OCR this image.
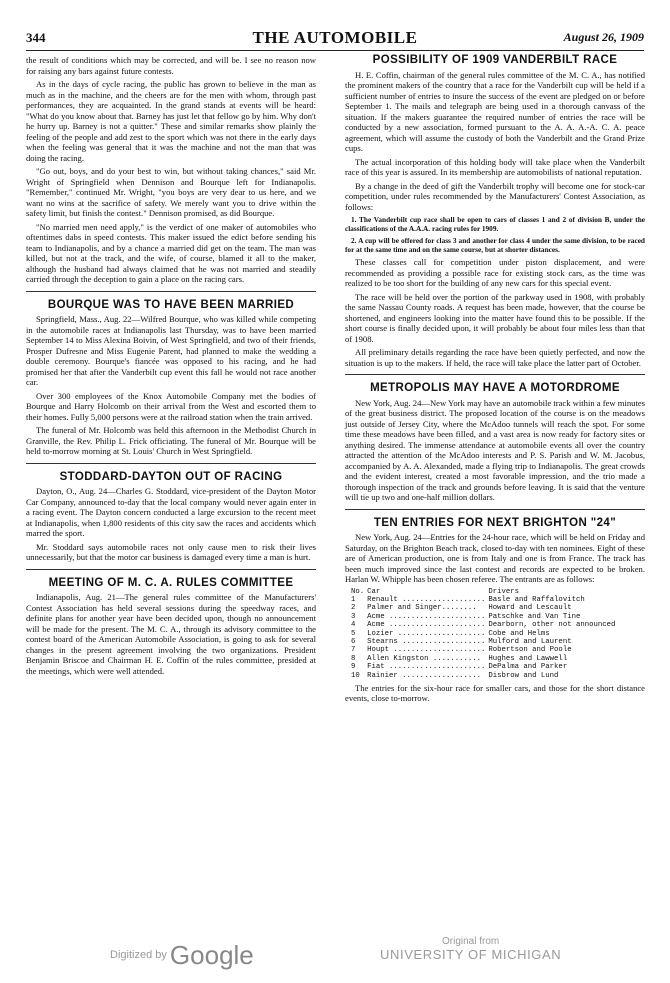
344	THE AUTOMOBILE	August 26, 1909

the result of conditions which may be corrected, and will be. I see no reason now for raising any bars against future contests.

As in the days of cycle racing, the public has grown to believe in the man as much as in the machine, and the cheers are for the men with whom, through past performances, they are acquainted. In the grand stands at events will be heard: "What do you know about that. Barney has just let that fellow go by him. Why don't he hurry up. Barney is not a quitter." These and similar remarks show plainly the feeling of the people and add zest to the sport which was not there in the early days when the feeling was general that it was the machine and not the man that was doing the racing.

"Go out, boys, and do your best to win, but without taking chances," said Mr. Wright of Springfield when Dennison and Bourque left for Indianapolis. "Remember," continued Mr. Wright, "you boys are very dear to us here, and we want no wins at the sacrifice of safety. We merely want you to drive within the safety limit, but finish the contest." Dennison promised, as did Bourque.

"No married men need apply," is the verdict of one maker of automobiles who oftentimes dabs in speed contests. This maker issued the edict before sending his team to Indianapolis, and by a chance a married did get on the team. The man was killed, but not at the track, and the wife, of course, blamed it all to the maker, although the husband had always claimed that he was not married and steadily carried through the deception to gain a place on the racing cars.

BOURQUE WAS TO HAVE BEEN MARRIED

Springfield, Mass., Aug. 22—Wilfred Bourque, who was killed while competing in the automobile races at Indianapolis last Thursday, was to have been married September 14 to Miss Alexina Boivin, of West Springfield, and two of their friends, Prosper Dufresne and Miss Eugenie Parent, had planned to make the wedding a double ceremony. Bourque's fiancée was opposed to his racing, and he had promised her that after the Vanderbilt cup event this fall he would not race another car.

Over 300 employees of the Knox Automobile Company met the bodies of Bourque and Harry Holcomb on their arrival from the West and escorted them to their homes. Fully 5,000 persons were at the railroad station when the train arrived.

The funeral of Mr. Holcomb was held this afternoon in the Methodist Church in Granville, the Rev. Philip L. Frick officiating. The funeral of Mr. Bourque will be held to-morrow morning at St. Louis' Church in West Springfield.

STODDARD-DAYTON OUT OF RACING

Dayton, O., Aug. 24—Charles G. Stoddard, vice-president of the Dayton Motor Car Company, announced to-day that the local company would never again enter in a racing event. The Dayton concern conducted a large excursion to the recent meet at Indianapolis, when 1,800 residents of this city saw the races and accidents which marred the sport.

Mr. Stoddard says automobile races not only cause men to risk their lives unnecessarily, but that the motor car business is damaged every time a man is hurt.

MEETING OF M. C. A. RULES COMMITTEE

Indianapolis, Aug. 21—The general rules committee of the Manufacturers' Contest Association has held several sessions during the speedway races, and definite plans for another year have been decided upon, though no announcement will be made for the present. The M. C. A., through its advisory committee to the contest board of the American Automobile Association, is going to ask for several changes in the present agreement involving the two organizations. President Benjamin Briscoe and Chairman H. E. Coffin of the rules committee, presided at the meetings, which were well attended.

POSSIBILITY OF 1909 VANDERBILT RACE

H. E. Coffin, chairman of the general rules committee of the M. C. A., has notified the prominent makers of the country that a race for the Vanderbilt cup will be held if a sufficient number of entries to insure the success of the event are pledged on or before September 1. The mails and telegraph are being used in a thorough canvass of the situation. If the makers guarantee the required number of entries the race will be conducted by a new association, formed pursuant to the A. A. A.-A. C. A. peace agreement, which will assume the custody of both the Vanderbilt and the Grand Prize cups.

The actual incorporation of this holding body will take place when the Vanderbilt race of this year is assured. In its membership are automobilists of national reputation.

By a change in the deed of gift the Vanderbilt trophy will become one for stock-car competition, under rules recommended by the Manufacturers' Contest Association, as follows:

1. The Vanderbilt cup race shall be open to cars of classes 1 and 2 of division B, under the classifications of the A.A.A. racing rules for 1909.

2. A cup will be offered for class 3 and another for class 4 under the same division, to be raced for at the same time and on the same course, but at shorter distances.

These classes call for competition under piston displacement, and were recommended as providing a possible race for existing stock cars, as the time was realized to be too short for the building of any new cars for this special event.

The race will be held over the portion of the parkway used in 1908, with probably the same Nassau County roads. A request has been made, however, that the course be shortened, and engineers looking into the matter have found this to be possible. If the short course is finally decided upon, it will probably be about four miles less than that of 1908.

All preliminary details regarding the race have been quietly perfected, and now the situation is up to the makers. If held, the race will take place the latter part of October.

METROPOLIS MAY HAVE A MOTORDROME

New York, Aug. 24—New York may have an automobile track within a few minutes of the great business district. The proposed location of the course is on the meadows just outside of Jersey City, where the McAdoo tunnels will reach the spot. For some time these meadows have been filled, and a vast area is now ready for factory sites or anything desired. The immense attendance at automobile events all over the country attracted the attention of the McAdoo interests and P. S. Parish and W. M. Jacobus, accompanied by A. A. Alexanded, made a flying trip to Indianapolis. The great crowds and the evident interest, created a most favorable impression, and the trio made a thorough inspection of the track and grounds before leaving. It is said that the venture will tie up two and one-half million dollars.

TEN ENTRIES FOR NEXT BRIGHTON "24"

New York, Aug. 24—Entries for the 24-hour race, which will be held on Friday and Saturday, on the Brighton Beach track, closed to-day with ten nominees. Eight of these are of American production, one is from Italy and one is from France. The track has been much improved since the last contest and records are expected to be broken. Harlan W. Whipple has been chosen referee. The entrants are as follows:

No.	Car	Drivers
1	Renault ...................	Basle and Raffalovitch
2	Palmer and Singer........	Howard and Lescault
3	Acme ......................	Patschke and Van Tine
4	Acme ......................	Dearborn, other not announced
5	Lozier ....................	Cobe and Helms
6	Stearns ...................	Mulford and Laurent
7	Houpt .....................	Robertson and Poole
8	Allen Kingston ...........	Hughes and Lawwell
9	Fiat ......................	DePalma and Parker
10	Rainier ..................	Disbrow and Lund

The entries for the six-hour race for smaller cars, and those for the short distance events, close to-morrow.

Digitized by Google	Original from
UNIVERSITY OF MICHIGAN
